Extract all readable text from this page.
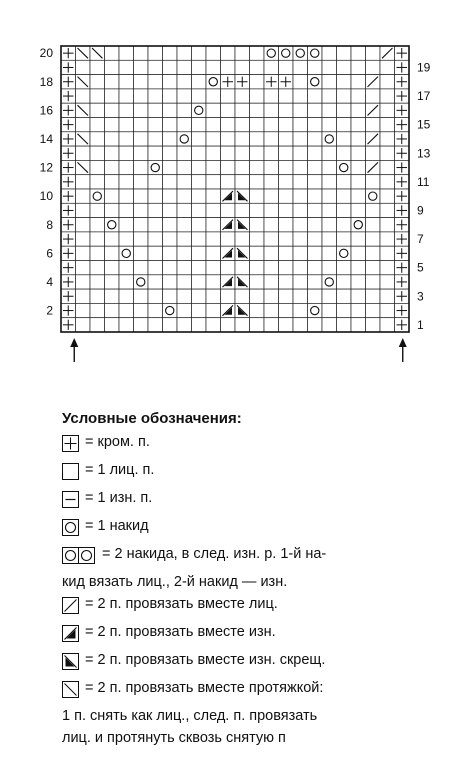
2
4
6
8
10
12
14
16
18
20
1
3
5
7
9
11
13
15
17
19
Условные обозначения:
= кром. п.
= 1 лиц. п.
= 1 изн. п.
= 1 накид
= 2 накида, в след. изн. р. 1-й на-
кид вязать лиц., 2-й накид — изн.
= 2 п. провязать вместе лиц.
= 2 п. провязать вместе изн.
= 2 п. провязать вместе изн. скрещ.
= 2 п. провязать вместе протяжкой:
1 п. снять как лиц., след. п. провязать
лиц. и протянуть сквозь снятую п
